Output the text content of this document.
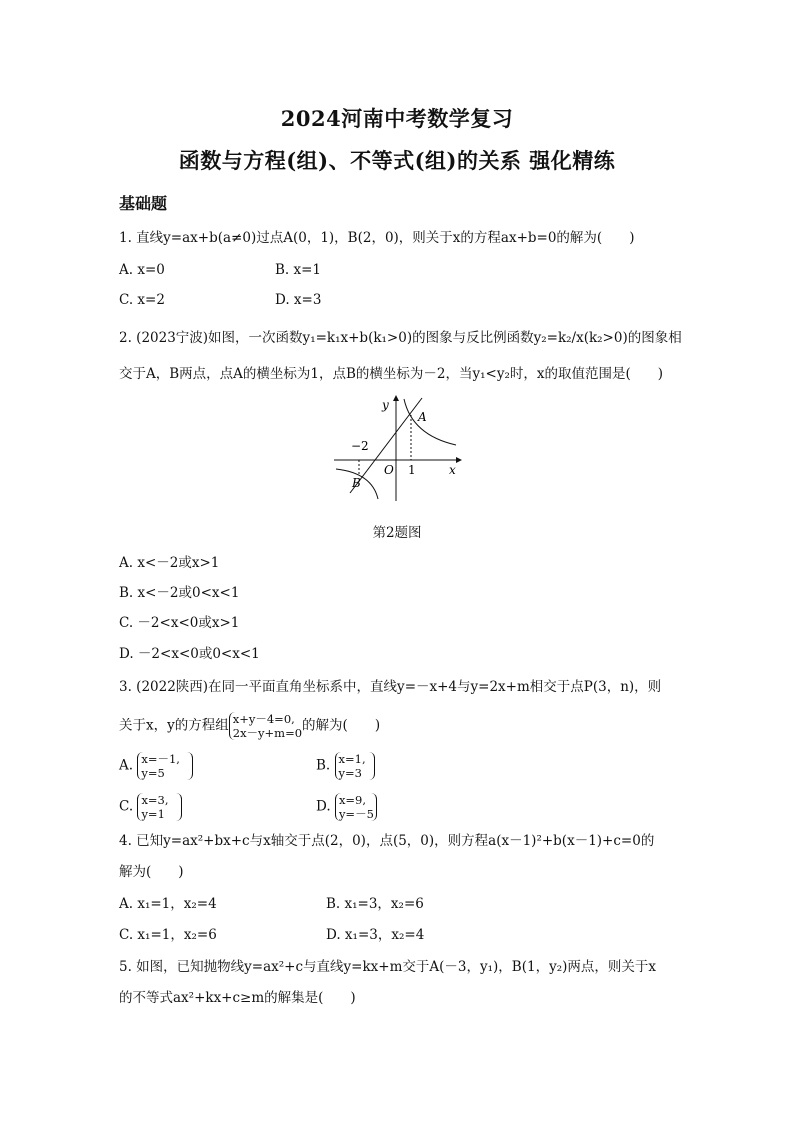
2024河南中考数学复习
函数与方程(组)、不等式(组)的关系 强化精练
基础题
1. 直线y=ax+b(a≠0)过点A(0，1)，B(2，0)，则关于x的方程ax+b=0的解为(　　)
A. x=0	B. x=1
C. x=2	D. x=3
2. (2023宁波)如图，一次函数y₁=k₁x+b(k₁>0)的图象与反比例函数y₂=k₂/x(k₂>0)的图象相
交于A，B两点，点A的横坐标为1，点B的横坐标为－2，当y₁<y₂时，x的取值范围是(　　)
y
x
A
B
O
−2
1
第2题图
A. x<－2或x>1
B. x<－2或0<x<1
C. －2<x<0或x>1
D. －2<x<0或0<x<1
3. (2022陕西)在同一平面直角坐标系中，直线y=－x+4与y=2x+m相交于点P(3，n)，则
关于x，y的方程组 x+y－4=0,
2x－y+m=0 的解为(　　)
A. x=－1,
y=5	B. x=1,
y=3
C. x=3,
y=1	D. x=9,
y=－5
4. 已知y=ax²+bx+c与x轴交于点(2，0)，点(5，0)，则方程a(x－1)²+b(x－1)+c=0的
解为(　　)
A. x₁=1，x₂=4	B. x₁=3，x₂=6
C. x₁=1，x₂=6	D. x₁=3，x₂=4
5. 如图，已知抛物线y=ax²+c与直线y=kx+m交于A(－3，y₁)，B(1，y₂)两点，则关于x
的不等式ax²+kx+c≥m的解集是(　　)
